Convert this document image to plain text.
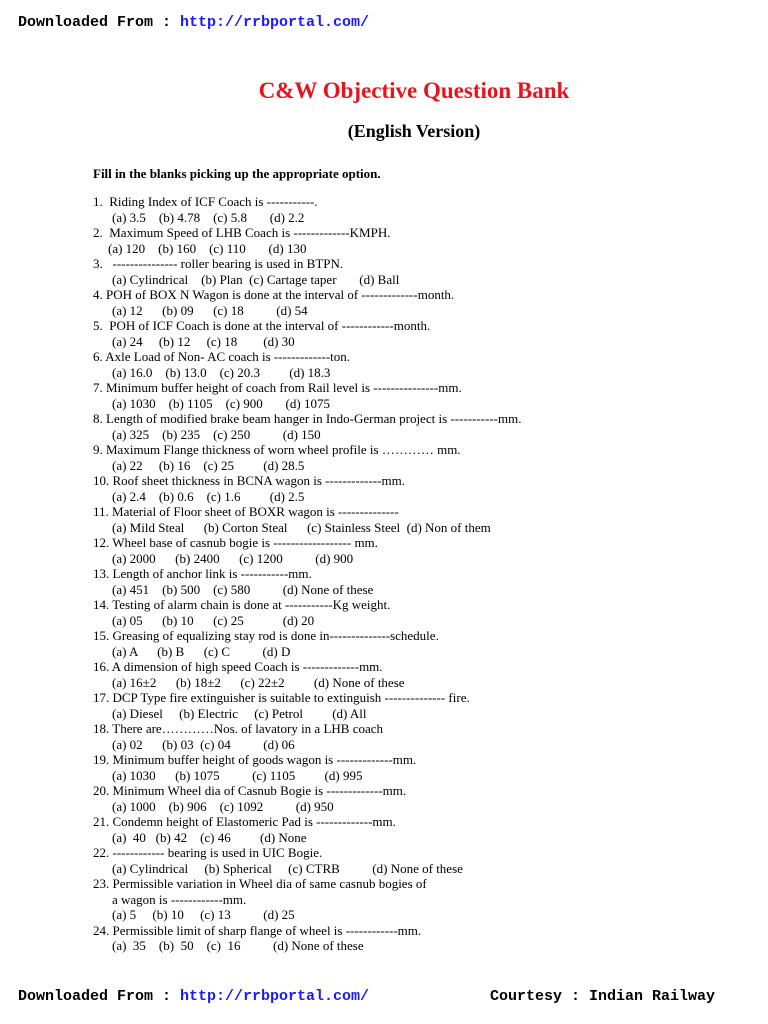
Downloaded From : http://rrbportal.com/
C&W Objective Question Bank
(English Version)
Fill in the blanks picking up the appropriate option.
1.  Riding Index of ICF Coach is -----------.
(a) 3.5    (b) 4.78    (c) 5.8       (d) 2.2
2.  Maximum Speed of LHB Coach is -------------KMPH.
(a) 120    (b) 160    (c) 110       (d) 130
3.   --------------- roller bearing is used in BTPN.
(a) Cylindrical    (b) Plan  (c) Cartage taper       (d) Ball
4. POH of BOX N Wagon is done at the interval of -------------month.
(a) 12      (b) 09      (c) 18          (d) 54
5.  POH of ICF Coach is done at the interval of ------------month.
(a) 24     (b) 12     (c) 18        (d) 30
6. Axle Load of Non- AC coach is -------------ton.
(a) 16.0    (b) 13.0    (c) 20.3         (d) 18.3
7. Minimum buffer height of coach from Rail level is ---------------mm.
(a) 1030    (b) 1105    (c) 900       (d) 1075
8. Length of modified brake beam hanger in Indo-German project is -----------mm.
(a) 325    (b) 235    (c) 250          (d) 150
9. Maximum Flange thickness of worn wheel profile is ………… mm.
(a) 22     (b) 16    (c) 25         (d) 28.5
10. Roof sheet thickness in BCNA wagon is -------------mm.
(a) 2.4    (b) 0.6    (c) 1.6         (d) 2.5
11. Material of Floor sheet of BOXR wagon is --------------
(a) Mild Steal      (b) Corton Steal      (c) Stainless Steel  (d) Non of them
12. Wheel base of casnub bogie is ------------------ mm.
(a) 2000      (b) 2400      (c) 1200          (d) 900
13. Length of anchor link is -----------mm.
(a) 451    (b) 500    (c) 580          (d) None of these
14. Testing of alarm chain is done at -----------Kg weight.
(a) 05      (b) 10      (c) 25            (d) 20
15. Greasing of equalizing stay rod is done in--------------schedule.
(a) A      (b) B      (c) C          (d) D
16. A dimension of high speed Coach is -------------mm.
(a) 16±2      (b) 18±2      (c) 22±2         (d) None of these
17. DCP Type fire extinguisher is suitable to extinguish -------------- fire.
(a) Diesel     (b) Electric     (c) Petrol         (d) All
18. There are…………Nos. of lavatory in a LHB coach
(a) 02      (b) 03  (c) 04          (d) 06
19. Minimum buffer height of goods wagon is -------------mm.
(a) 1030      (b) 1075          (c) 1105         (d) 995
20. Minimum Wheel dia of Casnub Bogie is -------------mm.
(a) 1000    (b) 906    (c) 1092          (d) 950
21. Condemn height of Elastomeric Pad is -------------mm.
(a)  40   (b) 42    (c) 46         (d) None
22. ------------ bearing is used in UIC Bogie.
(a) Cylindrical     (b) Spherical     (c) CTRB          (d) None of these
23. Permissible variation in Wheel dia of same casnub bogies of
a wagon is ------------mm.
(a) 5     (b) 10     (c) 13          (d) 25
24. Permissible limit of sharp flange of wheel is ------------mm.
(a)  35    (b)  50    (c)  16          (d) None of these
Downloaded From : http://rrbportal.com/	Courtesy : Indian Railway
